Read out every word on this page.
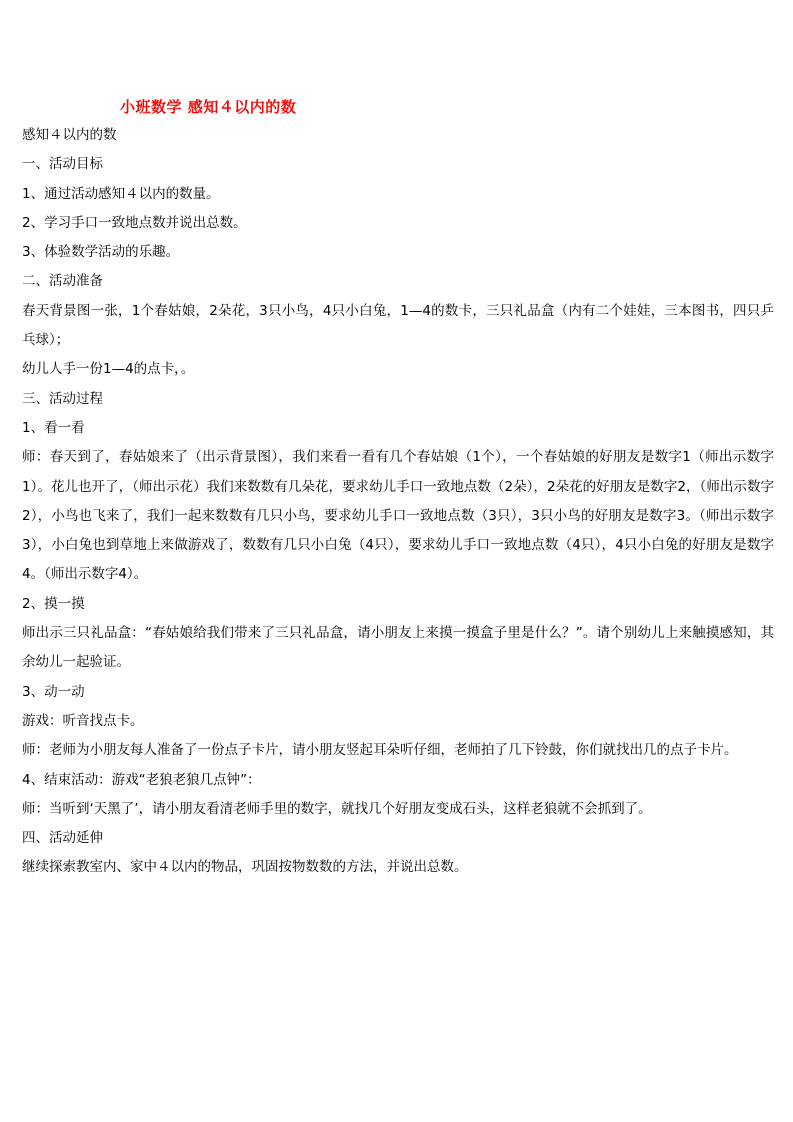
小班数学 感知４以内的数
感知４以内的数
一、活动目标
1、通过活动感知４以内的数量。
2、学习手口一致地点数并说出总数。
3、体验数学活动的乐趣。
二、活动准备
春天背景图一张，1个春姑娘，2朵花，3只小鸟，4只小白兔，1—4的数卡，三只礼品盒（内有二个娃娃，三本图书，四只乒乓球）；
幼儿人手一份1—4的点卡，。
三、活动过程
1、看一看
师：春天到了，春姑娘来了（出示背景图），我们来看一看有几个春姑娘（1个），一个春姑娘的好朋友是数字1（师出示数字1）。花儿也开了，（师出示花）我们来数数有几朵花，要求幼儿手口一致地点数（2朵），2朵花的好朋友是数字2，（师出示数字2），小鸟也飞来了，我们一起来数数有几只小鸟，要求幼儿手口一致地点数（3只），3只小鸟的好朋友是数字3。（师出示数字3），小白兔也到草地上来做游戏了，数数有几只小白兔（4只），要求幼儿手口一致地点数（4只），4只小白兔的好朋友是数字4。（师出示数字4）。
2、摸一摸
师出示三只礼品盒：“春姑娘给我们带来了三只礼品盒，请小朋友上来摸一摸盒子里是什么？”。请个别幼儿上来触摸感知，其余幼儿一起验证。
3、动一动
游戏：听音找点卡。
师：老师为小朋友每人准备了一份点子卡片，请小朋友竖起耳朵听仔细，老师拍了几下铃鼓，你们就找出几的点子卡片。
4、结束活动：游戏“老狼老狼几点钟”：
师：当听到‘天黑了’，请小朋友看清老师手里的数字，就找几个好朋友变成石头，这样老狼就不会抓到了。
四、活动延伸
继续探索教室内、家中４以内的物品，巩固按物数数的方法，并说出总数。
